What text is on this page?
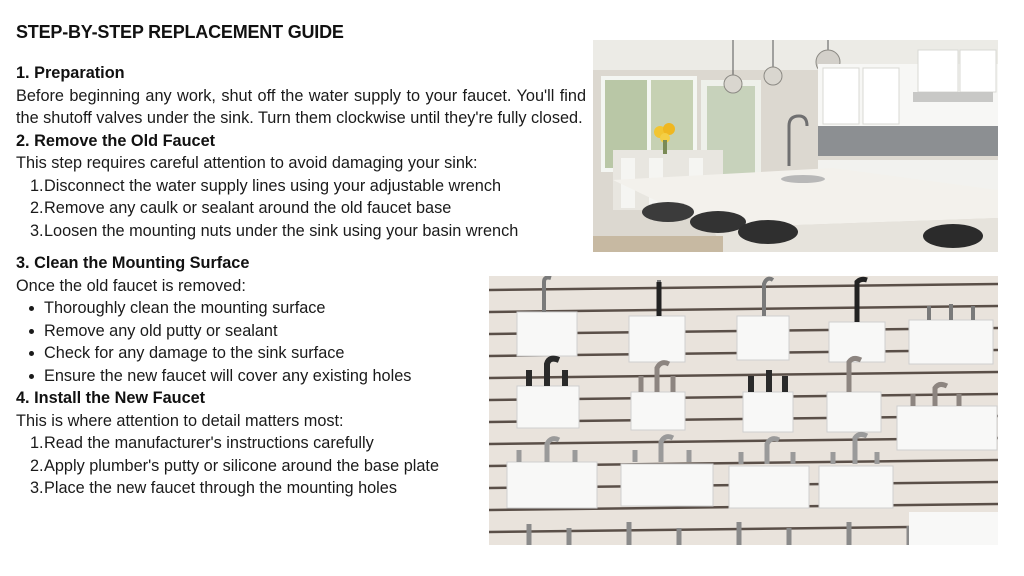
STEP-BY-STEP REPLACEMENT GUIDE
1. Preparation
Before beginning any work, shut off the water supply to your faucet. You'll find the shutoff valves under the sink. Turn them clockwise until they're fully closed.
2. Remove the Old Faucet
This step requires careful attention to avoid damaging your sink:
1. Disconnect the water supply lines using your adjustable wrench
2. Remove any caulk or sealant around the old faucet base
3. Loosen the mounting nuts under the sink using your basin wrench
3. Clean the Mounting Surface
Once the old faucet is removed:
Thoroughly clean the mounting surface
Remove any old putty or sealant
Check for any damage to the sink surface
Ensure the new faucet will cover any existing holes
4. Install the New Faucet
This is where attention to detail matters most:
1. Read the manufacturer's instructions carefully
2. Apply plumber's putty or silicone around the base plate
3. Place the new faucet through the mounting holes
